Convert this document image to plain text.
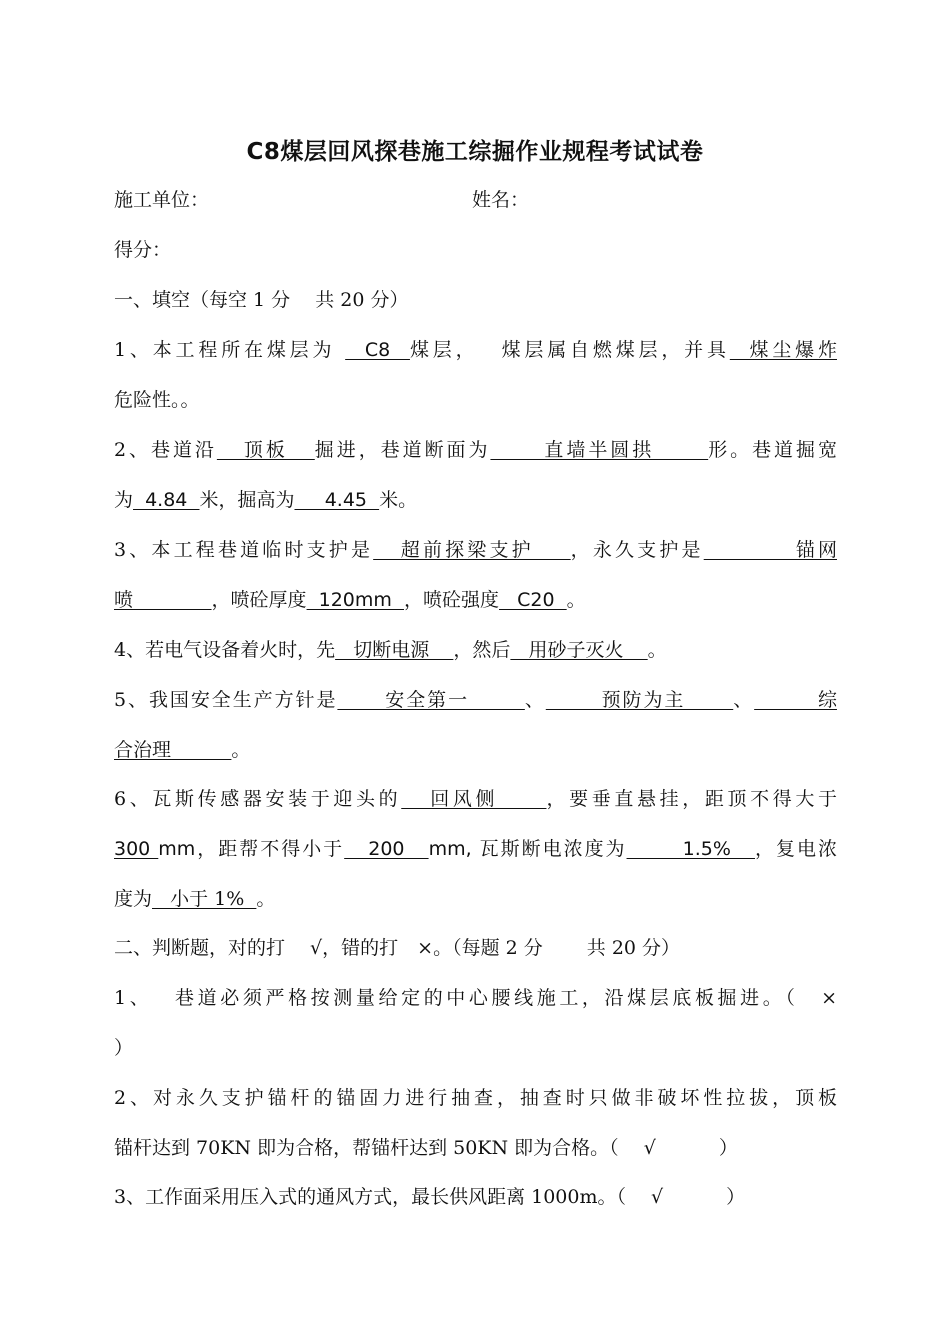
C8煤层回风探巷施工综掘作业规程考试试卷
施工单位：	姓名：
得分：
一、填空（每空 1 分　 共 20 分）
1、本工程所在煤层为   C8  煤层，　 煤层属自燃煤层，并具  煤尘爆炸
危险性。。
2、巷道沿   顶板   掘进，巷道断面为      直墙半圆拱      形。巷道掘宽
为  4.84  米，掘高为     4.45  米。
3、本工程巷道临时支护是   超前探梁支护    ，永久支护是          锚网
喷	，喷砼厚度  120mm  ，喷砼强度   C20  。
4、若电气设备着火时，先   切断电源    ，然后   用砂子灭火    。
5、我国安全生产方针是      安全第一       、       预防为主      、        综
合治理	。
6、瓦斯传感器安装于迎头的   回风侧     ，要垂直悬挂，距顶不得大于
300 mm，距帮不得小于   200   mm, 瓦斯断电浓度为       1.5%   ，复电浓
度为   小于 1%  。
二、判断题，对的打　 √，错的打　×。（每题 2 分　　 共 20 分）
1、　 巷道必须严格按测量给定的中心腰线施工，沿煤层底板掘进。（　×
）
2、对永久支护锚杆的锚固力进行抽查，抽查时只做非破坏性拉拔，顶板
锚杆达到 70KN 即为合格，帮锚杆达到 50KN 即为合格。（　 √　　　 ）
3、工作面采用压入式的通风方式，最长供风距离 1000m。（　 √　　　 ）
